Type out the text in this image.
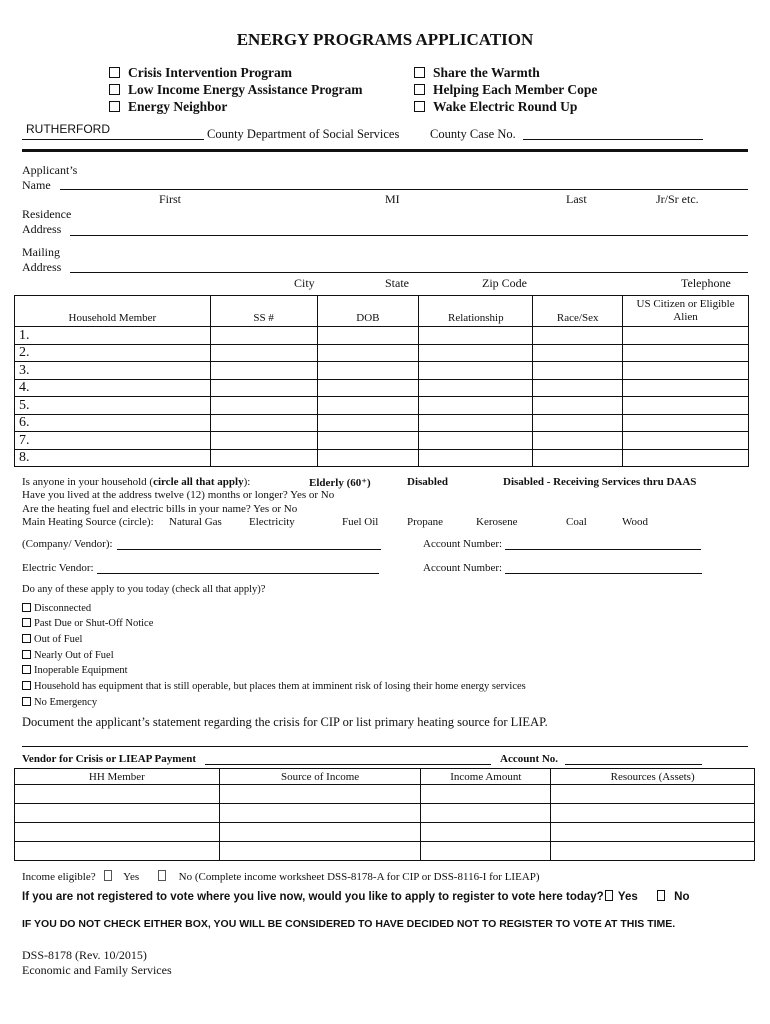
ENERGY PROGRAMS APPLICATION
Crisis Intervention Program
Low Income Energy Assistance Program
Energy Neighbor
Share the Warmth
Helping Each Member Cope
Wake Electric Round Up
RUTHERFORD	County Department of Social Services County Case No.
Applicant’s
Name
First	MI	Last	Jr/Sr etc.
Residence
Address
Mailing
Address
City	State	Zip Code	Telephone
Household Member	SS #	DOB	Relationship	Race/Sex	US Citizen or Eligible Alien
1.					
2.					
3.					
4.					
5.					
6.					
7.					
8.					
Is anyone in your household (circle all that apply):	Elderly (60⁺)	Disabled	Disabled - Receiving Services thru DAAS
Have you lived at the address twelve (12) months or longer? Yes or No
Are the heating fuel and electric bills in your name? Yes or No
Main Heating Source (circle): Natural Gas Electricity	Fuel Oil	Propane	Kerosene	Coal	Wood
(Company/ Vendor):	Account Number:
Electric Vendor:	Account Number:
Do any of these apply to you today (check all that apply)?
Disconnected
Past Due or Shut-Off Notice
Out of Fuel
Nearly Out of Fuel
Inoperable Equipment
Household has equipment that is still operable, but places them at imminent risk of losing their home energy services
No Emergency
Document the applicant’s statement regarding the crisis for CIP or list primary heating source for LIEAP.
Vendor for Crisis or LIEAP Payment	Account No.
HH Member	Source of Income	Income Amount	Resources (Assets)

Income eligible?	Yes	No (Complete income worksheet DSS-8178-A for CIP or DSS-8116-I for LIEAP)
If you are not registered to vote where you live now, would you like to apply to register to vote here today? Yes	No
IF YOU DO NOT CHECK EITHER BOX, YOU WILL BE CONSIDERED TO HAVE DECIDED NOT TO REGISTER TO VOTE AT THIS TIME.
DSS-8178 (Rev. 10/2015)
Economic and Family Services
